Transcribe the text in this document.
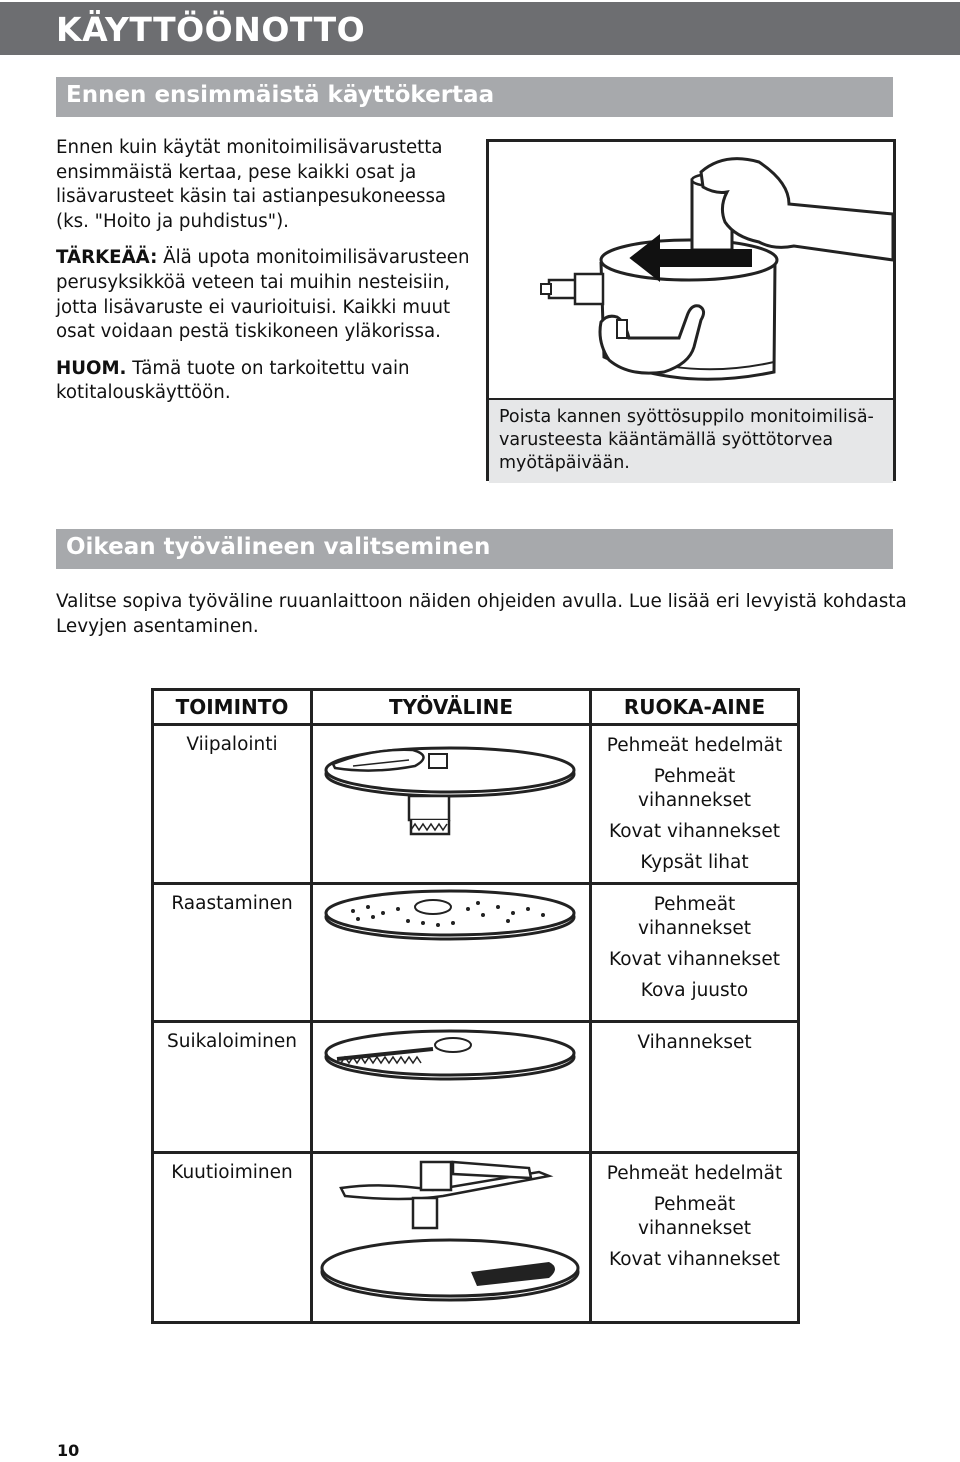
KÄYTTÖÖNOTTO
Ennen ensimmäistä käyttökertaa

Ennen kuin käytät monitoimilisävarustetta ensimmäistä kertaa, pese kaikki osat ja lisävarusteet käsin tai astianpesukoneessa (ks. "Hoito ja puhdistus").

TÄRKEÄÄ: Älä upota monitoimilisävarusteen perusyksikköä veteen tai muihin nesteisiin, jotta lisävaruste ei vaurioituisi. Kaikki muut osat voidaan pestä tiskikoneen yläkorissa.

HUOM. Tämä tuote on tarkoitettu vain kotitalouskäyttöön.

Poista kannen syöttösuppilo monitoimilisä-varusteesta kääntämällä syöttötorvea myötäpäivään.
Oikean työvälineen valitseminen

Valitse sopiva työväline ruuanlaittoon näiden ohjeiden avulla. Lue lisää eri levyistä kohdasta Levyjen asentaminen.

TOIMINTO	TYÖVÄLINE	RUOKA-AINE
Viipalointi		Pehmeät hedelmät
Pehmeät vihannekset
Kovat vihannekset
Kypsät lihat

Raastaminen		Pehmeät vihannekset
Kovat vihannekset
Kova juusto

Suikaloiminen		Vihannekset

Kuutioiminen		Pehmeät hedelmät
Pehmeät vihannekset
Kovat vihannekset
10
